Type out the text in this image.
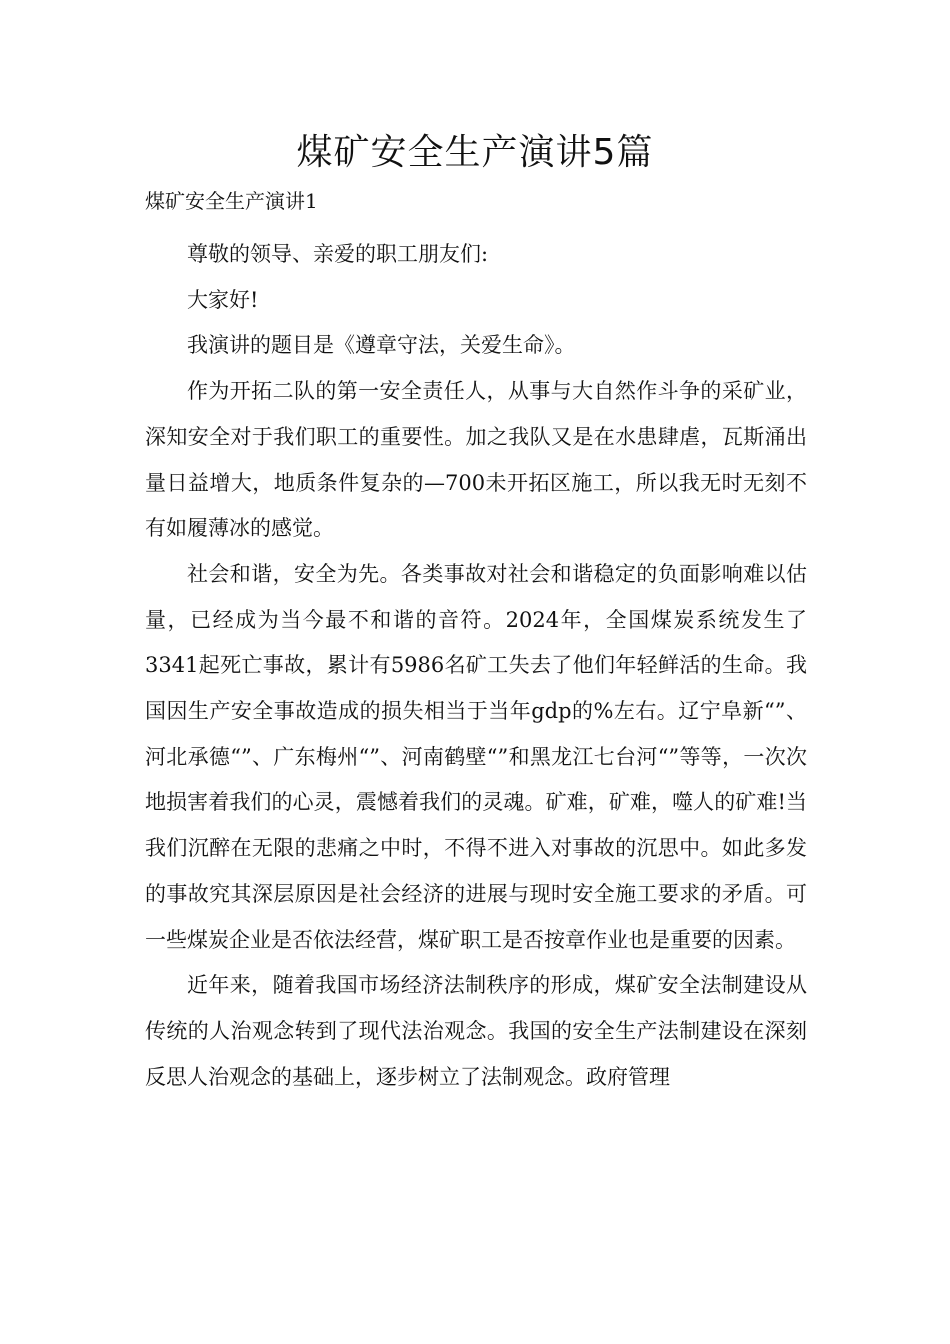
煤矿安全生产演讲5篇
煤矿安全生产演讲1

尊敬的领导、亲爱的职工朋友们:

大家好!

我演讲的题目是《遵章守法，关爱生命》。

作为开拓二队的第一安全责任人，从事与大自然作斗争的采矿业，深知安全对于我们职工的重要性。加之我队又是在水患肆虐，瓦斯涌出量日益增大，地质条件复杂的—700未开拓区施工，所以我无时无刻不有如履薄冰的感觉。

社会和谐，安全为先。各类事故对社会和谐稳定的负面影响难以估量，已经成为当今最不和谐的音符。2024年，全国煤炭系统发生了3341起死亡事故，累计有5986名矿工失去了他们年轻鲜活的生命。我国因生产安全事故造成的损失相当于当年gdp的%左右。辽宁阜新“”、河北承德“”、广东梅州“”、河南鹤壁“”和黑龙江七台河“”等等，一次次地损害着我们的心灵，震憾着我们的灵魂。矿难，矿难，噬人的矿难!当我们沉醉在无限的悲痛之中时，不得不进入对事故的沉思中。如此多发的事故究其深层原因是社会经济的进展与现时安全施工要求的矛盾。可一些煤炭企业是否依法经营，煤矿职工是否按章作业也是重要的因素。

近年来，随着我国市场经济法制秩序的形成，煤矿安全法制建设从传统的人治观念转到了现代法治观念。我国的安全生产法制建设在深刻反思人治观念的基础上，逐步树立了法制观念。政府管理
